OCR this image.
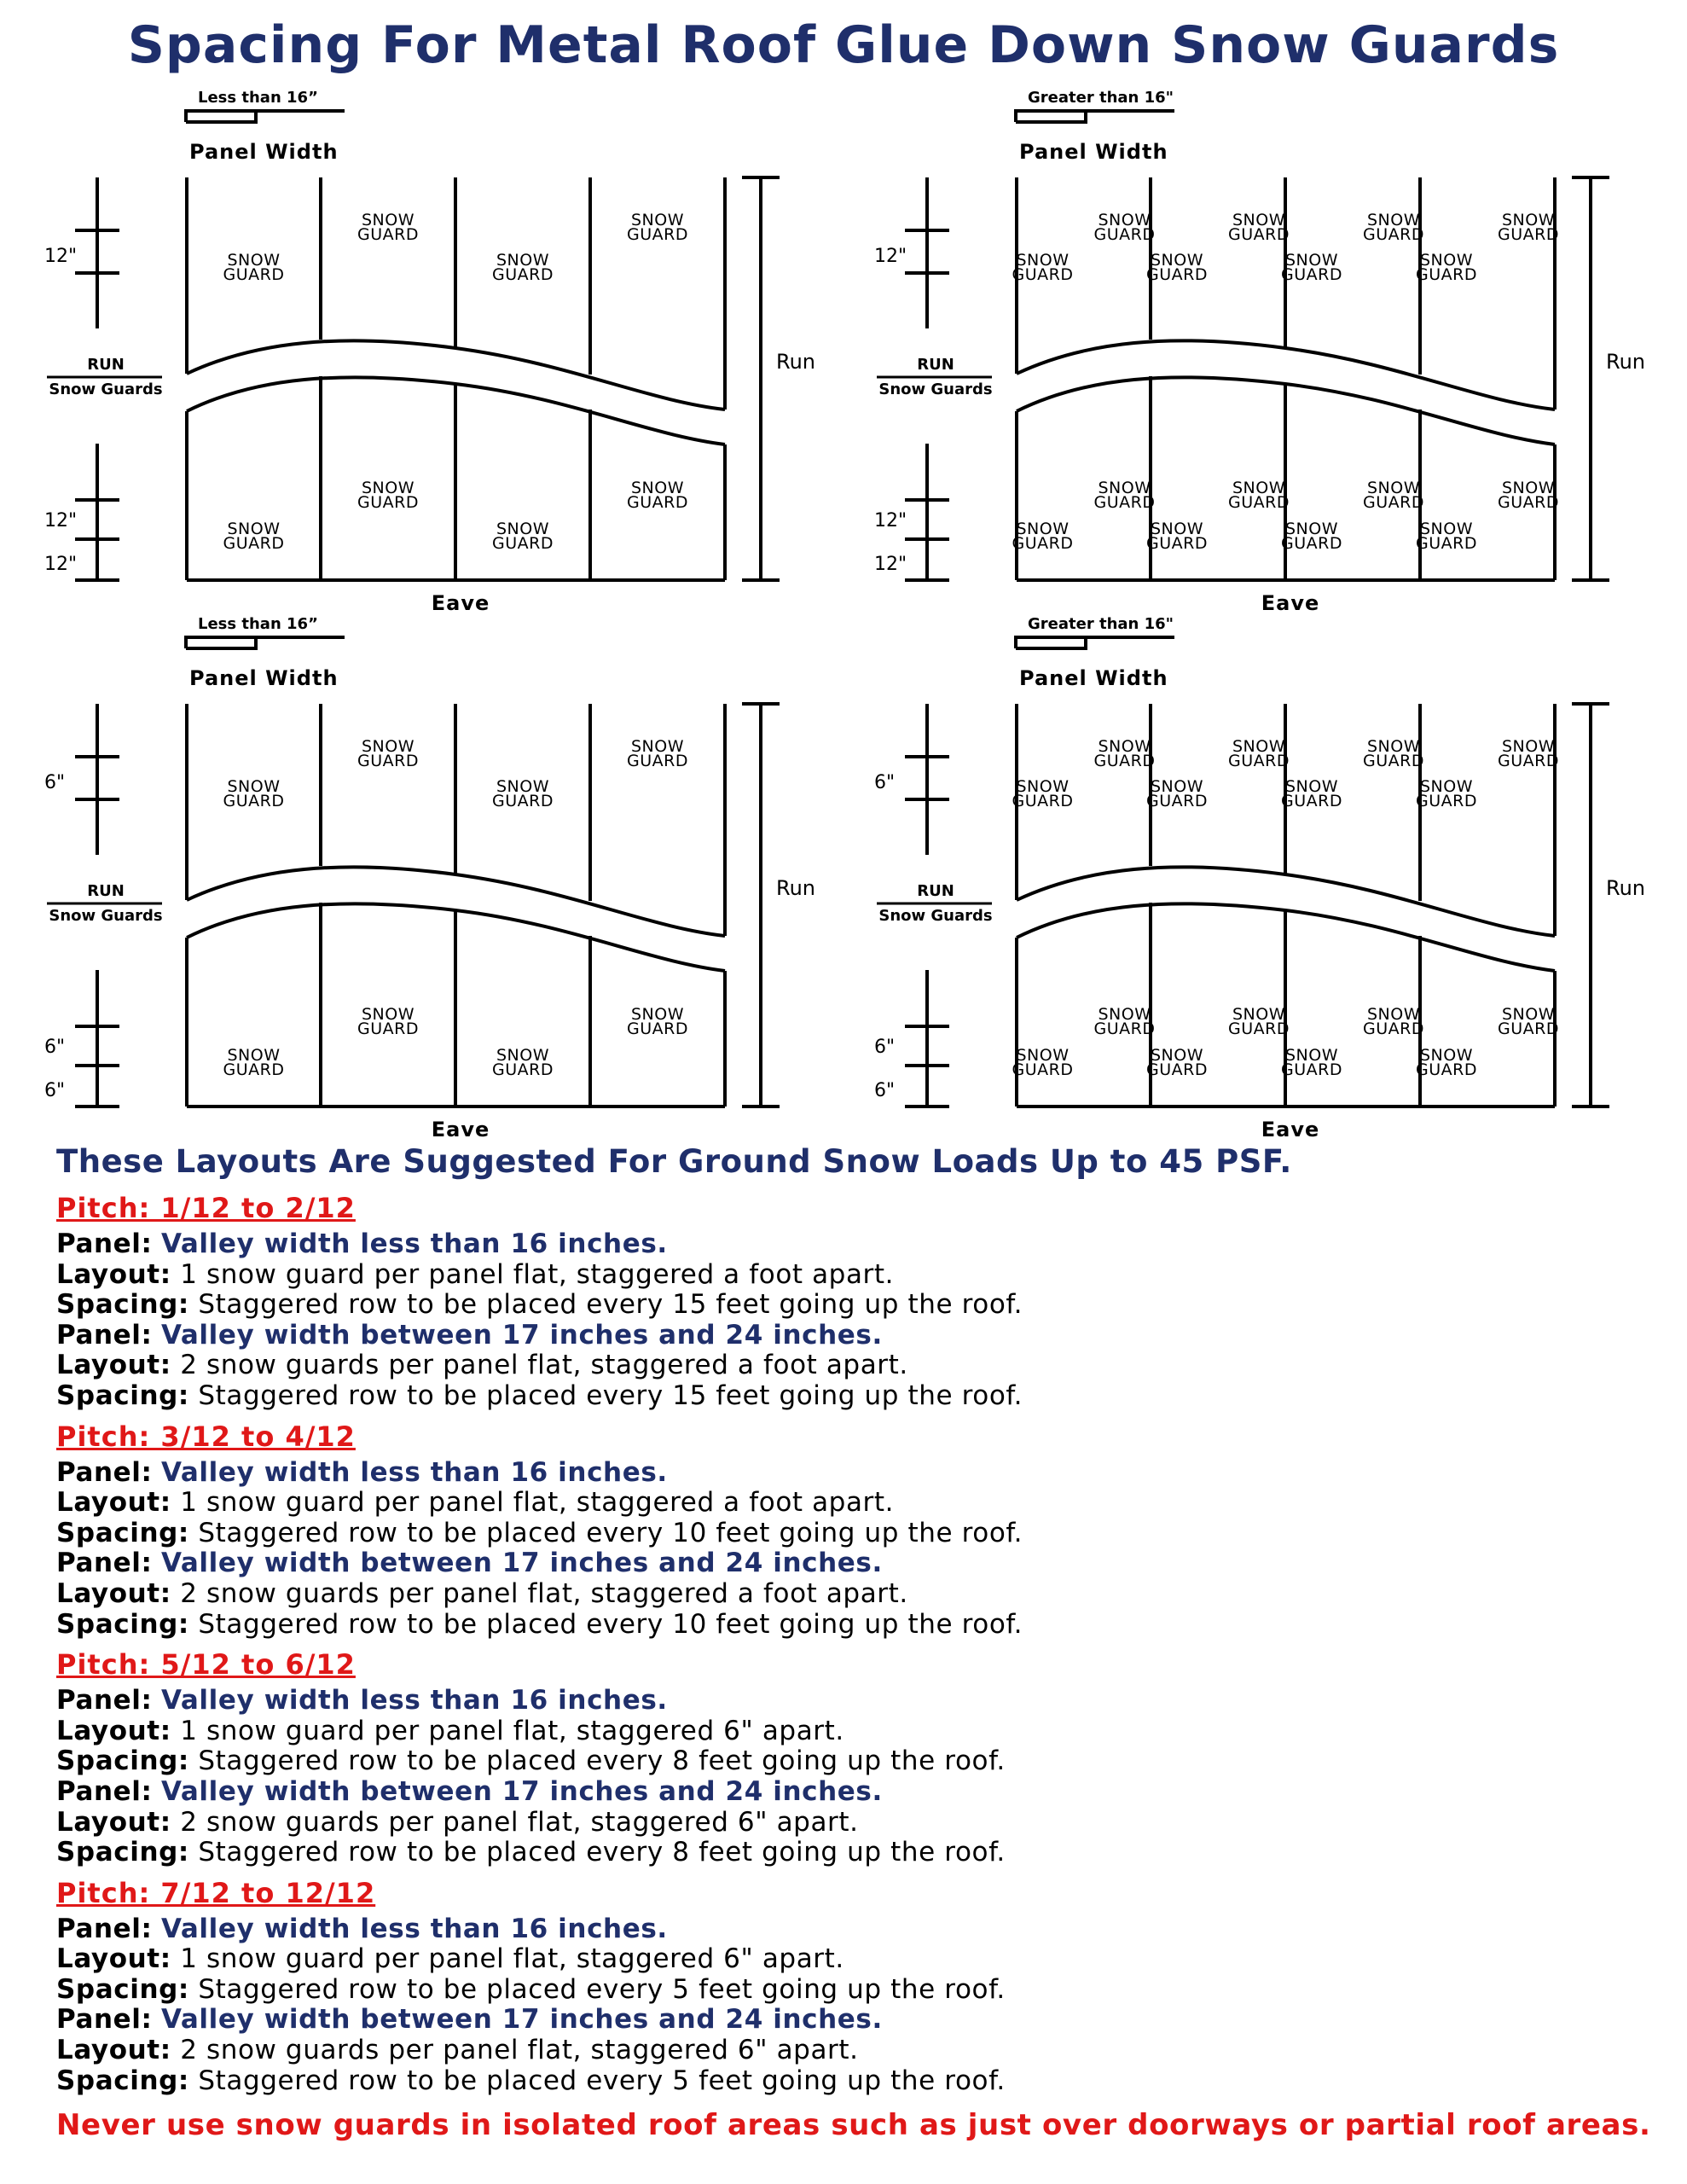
Spacing For Metal Roof Glue Down Snow Guards
Less than 16”
Panel Width
Run
Eave
12"
12"
12"
RUN
Snow Guards
SNOW
GUARD
SNOW
GUARD
SNOW
GUARD
SNOW
GUARD
SNOW
GUARD
SNOW
GUARD
SNOW
GUARD
SNOW
GUARD
Greater than 16"
Panel Width
Run
Eave
12"
12"
12"
RUN
Snow Guards
SNOW
GUARD
SNOW
GUARD
SNOW
GUARD
SNOW
GUARD
SNOW
GUARD
SNOW
GUARD
SNOW
GUARD
SNOW
GUARD
SNOW
GUARD
SNOW
GUARD
SNOW
GUARD
SNOW
GUARD
SNOW
GUARD
SNOW
GUARD
SNOW
GUARD
SNOW
GUARD
Less than 16”
Panel Width
Run
Eave
6"
6"
6"
RUN
Snow Guards
SNOW
GUARD
SNOW
GUARD
SNOW
GUARD
SNOW
GUARD
SNOW
GUARD
SNOW
GUARD
SNOW
GUARD
SNOW
GUARD
Greater than 16"
Panel Width
Run
Eave
6"
6"
6"
RUN
Snow Guards
SNOW
GUARD
SNOW
GUARD
SNOW
GUARD
SNOW
GUARD
SNOW
GUARD
SNOW
GUARD
SNOW
GUARD
SNOW
GUARD
SNOW
GUARD
SNOW
GUARD
SNOW
GUARD
SNOW
GUARD
SNOW
GUARD
SNOW
GUARD
SNOW
GUARD
SNOW
GUARD

These Layouts Are Suggested For Ground Snow Loads Up to 45 PSF.

Pitch: 1/12 to 2/12

Panel: Valley width less than 16 inches.

Layout: 1 snow guard per panel flat, staggered a foot apart.

Spacing: Staggered row to be placed every 15 feet going up the roof.

Panel: Valley width between 17 inches and 24 inches.

Layout: 2 snow guards per panel flat, staggered a foot apart.

Spacing: Staggered row to be placed every 15 feet going up the roof.

Pitch: 3/12 to 4/12

Panel: Valley width less than 16 inches.

Layout: 1 snow guard per panel flat, staggered a foot apart.

Spacing: Staggered row to be placed every 10 feet going up the roof.

Panel: Valley width between 17 inches and 24 inches.

Layout: 2 snow guards per panel flat, staggered a foot apart.

Spacing: Staggered row to be placed every 10 feet going up the roof.

Pitch: 5/12 to 6/12

Panel: Valley width less than 16 inches.

Layout: 1 snow guard per panel flat, staggered 6" apart.

Spacing: Staggered row to be placed every 8 feet going up the roof.

Panel: Valley width between 17 inches and 24 inches.

Layout: 2 snow guards per panel flat, staggered 6" apart.

Spacing: Staggered row to be placed every 8 feet going up the roof.

Pitch: 7/12 to 12/12

Panel: Valley width less than 16 inches.

Layout: 1 snow guard per panel flat, staggered 6" apart.

Spacing: Staggered row to be placed every 5 feet going up the roof.

Panel: Valley width between 17 inches and 24 inches.

Layout: 2 snow guards per panel flat, staggered 6" apart.

Spacing: Staggered row to be placed every 5 feet going up the roof.

Never use snow guards in isolated roof areas such as just over doorways or partial roof areas.
